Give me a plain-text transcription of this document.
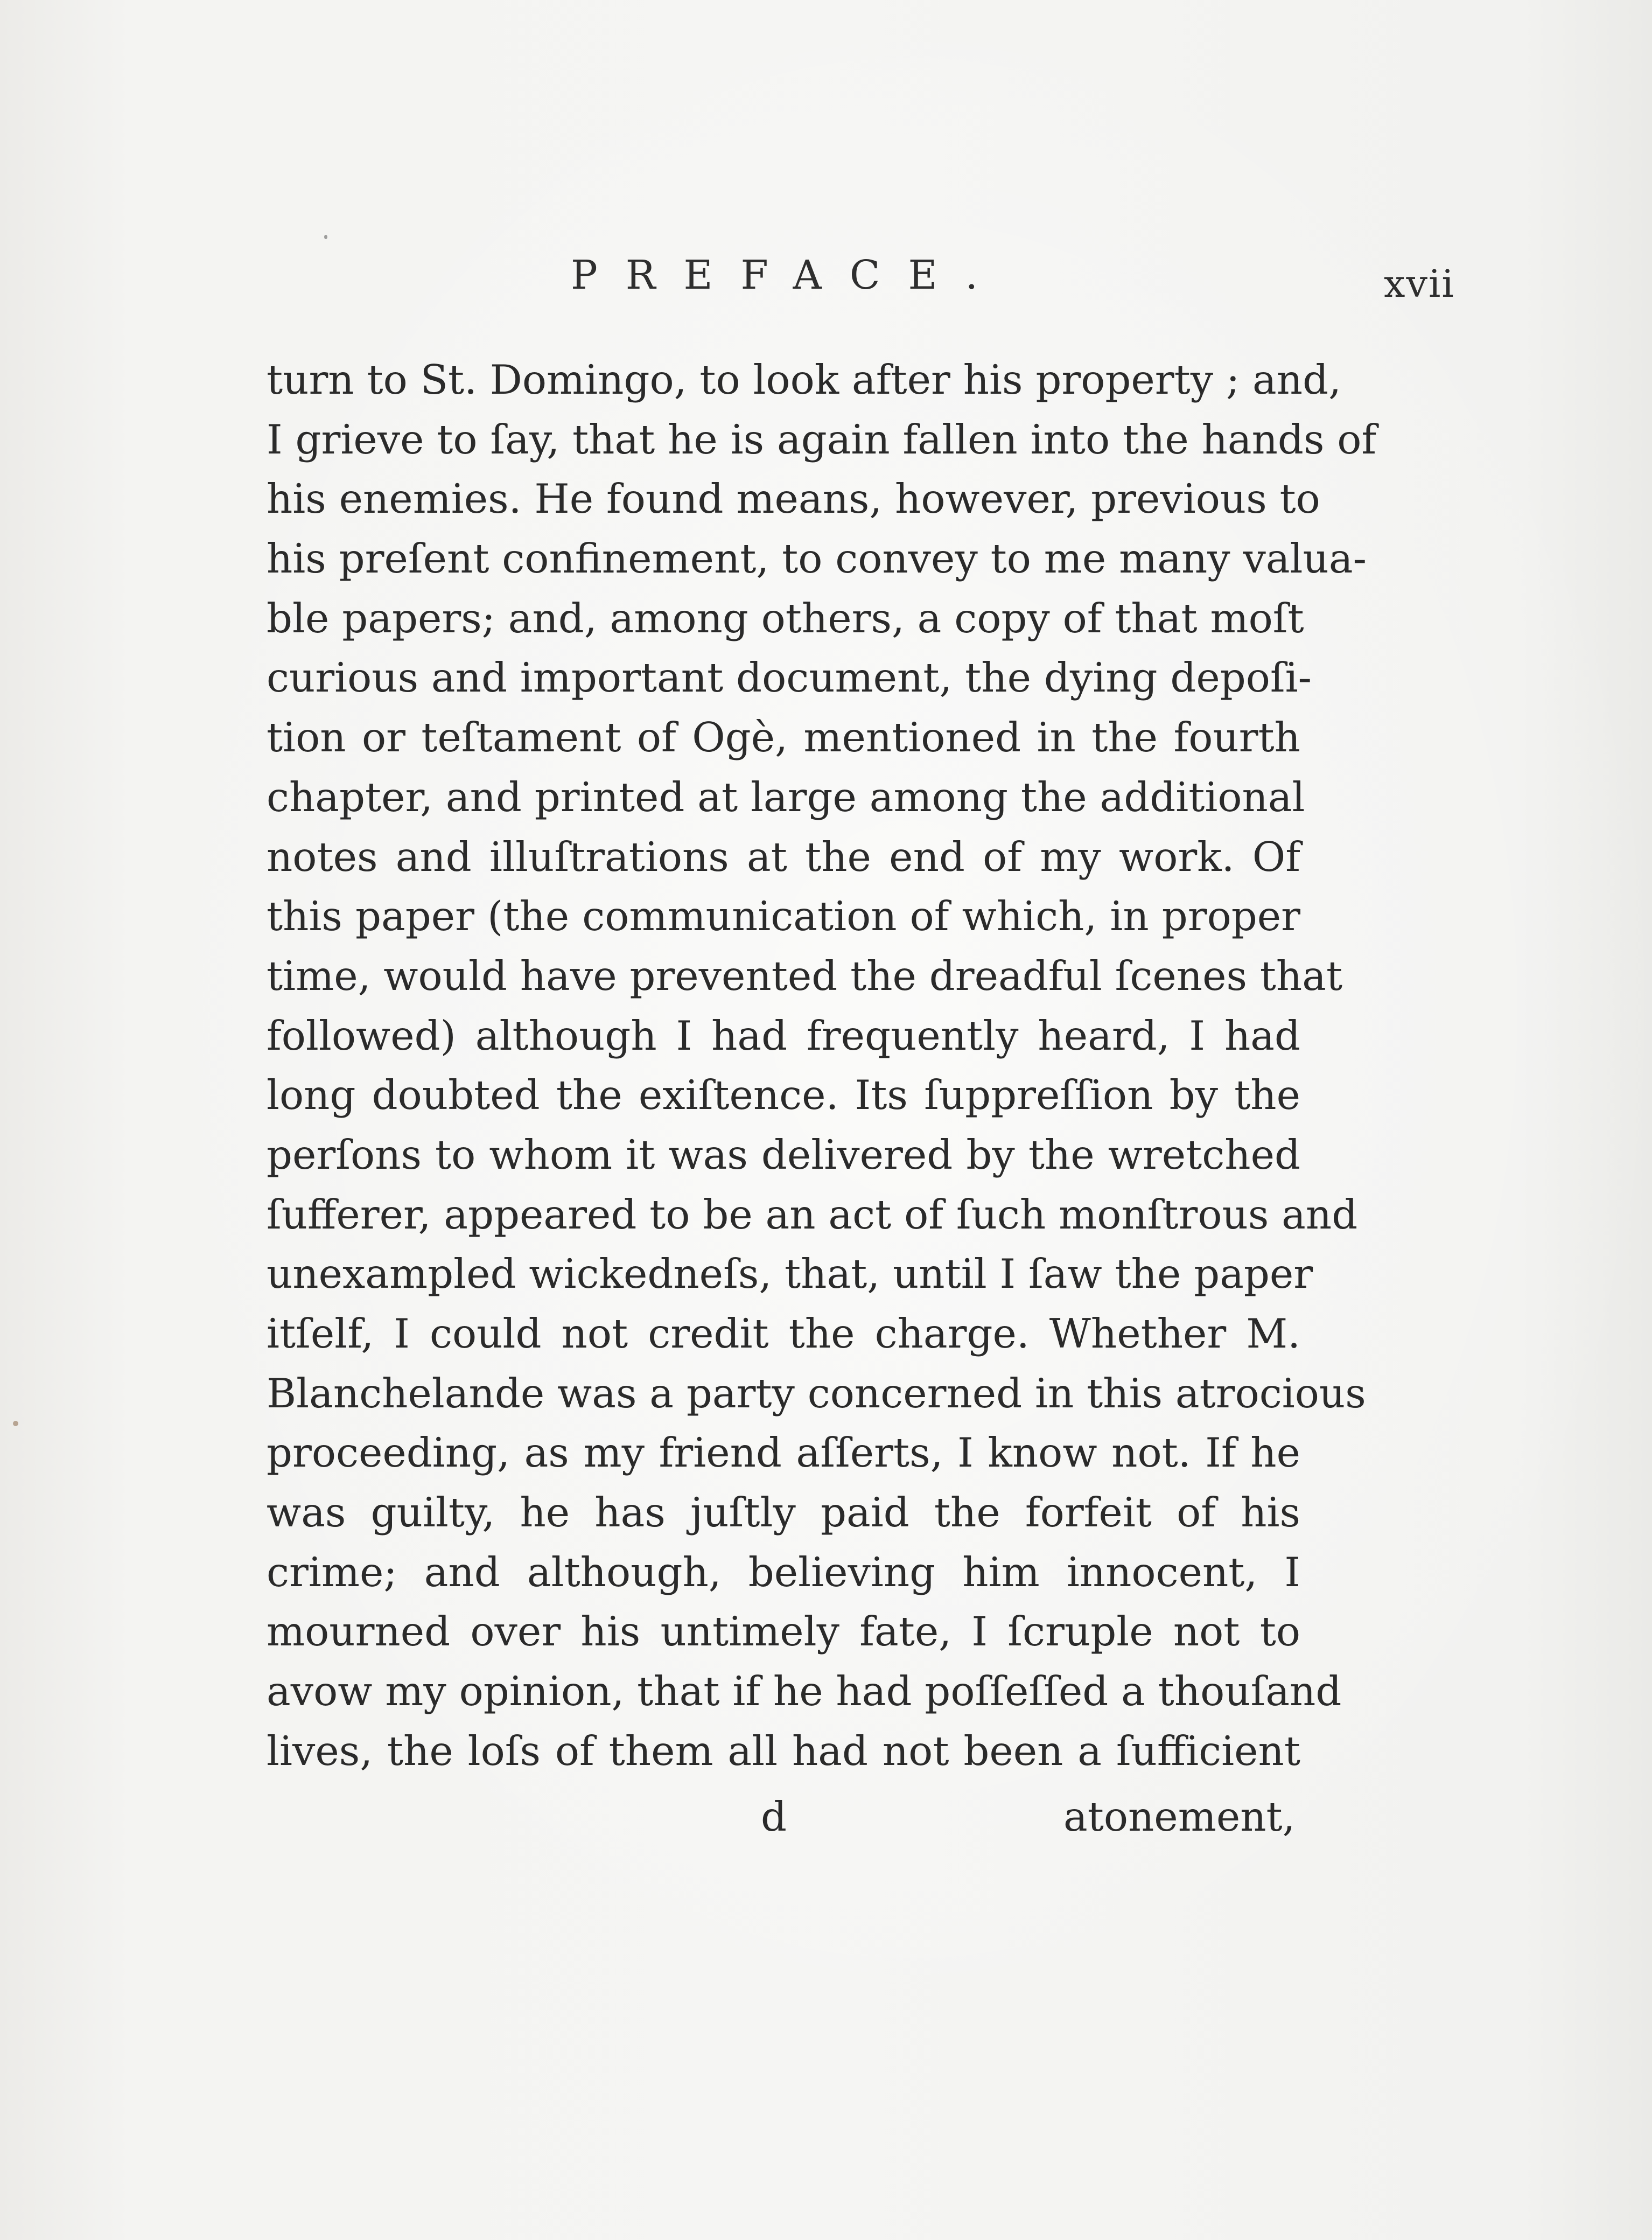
PREFACE.	xvii
turn to St. Domingo, to look after his property ; and,
I grieve to ſay, that he is again fallen into the hands of
his enemies. He found means, however, previous to
his preſent confinement, to convey to me many valua-
ble papers; and, among others, a copy of that moſt
curious and important document, the dying depoſi-
tion or teſtament of Ogè, mentioned in the fourth
chapter, and printed at large among the additional
notes and illuſtrations at the end of my work. Of
this paper (the communication of which, in proper
time, would have prevented the dreadful ſcenes that
followed) although I had frequently heard, I had
long doubted the exiſtence. Its ſuppreſſion by the
perſons to whom it was delivered by the wretched
ſufferer, appeared to be an act of ſuch monſtrous and
unexampled wickedneſs, that, until I ſaw the paper
itſelf, I could not credit the charge. Whether M.
Blanchelande was a party concerned in this atrocious
proceeding, as my friend aſſerts, I know not. If he
was guilty, he has juſtly paid the forfeit of his
crime; and although, believing him innocent, I
mourned over his untimely fate, I ſcruple not to
avow my opinion, that if he had poſſeſſed a thouſand
lives, the loſs of them all had not been a ſufficient
d	atonement,
